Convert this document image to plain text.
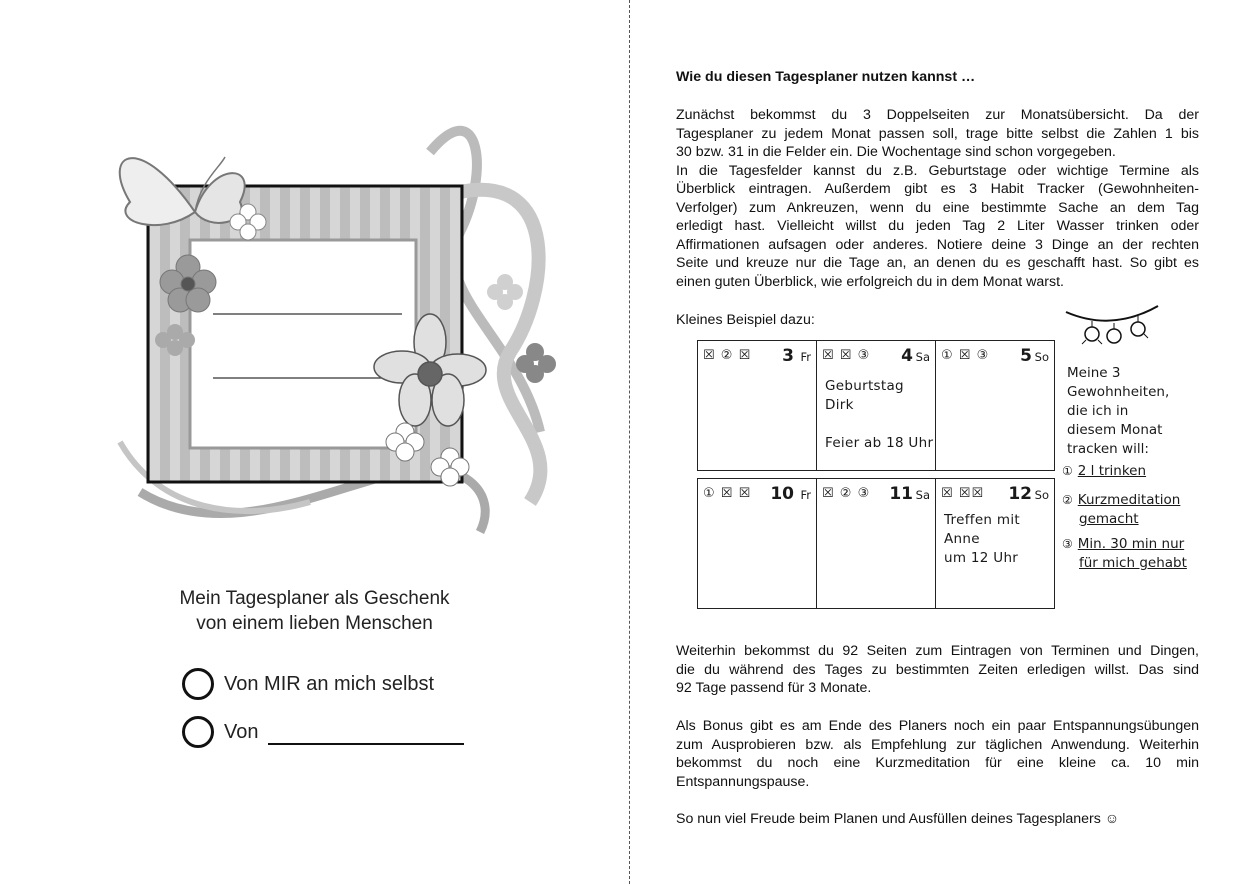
Mein Tagesplaner als Geschenk
von einem lieben Menschen
Von MIR an mich selbst
Von
Wie du diesen Tagesplaner nutzen kannst …
Zunächst bekommst du 3 Doppelseiten zur Monatsübersicht. Da der
Tagesplaner zu jedem Monat passen soll, trage bitte selbst die Zahlen 1 bis
30 bzw. 31 in die Felder ein. Die Wochentage sind schon vorgegeben.
In die Tagesfelder kannst du z.B. Geburtstage oder wichtige Termine als
Überblick eintragen. Außerdem gibt es 3 Habit Tracker (Gewohnheiten-
Verfolger) zum Ankreuzen, wenn du eine bestimmte Sache an dem Tag
erledigt hast. Vielleicht willst du jeden Tag 2 Liter Wasser trinken oder
Affirmationen aufsagen oder anderes. Notiere deine 3 Dinge an der rechten
Seite und kreuze nur die Tage an, an denen du es geschafft hast. So gibt es
einen guten Überblick, wie erfolgreich du in dem Monat warst.
Kleines Beispiel dazu:
Weiterhin bekommst du 92 Seiten zum Eintragen von Terminen und Dingen,
die du während des Tages zu bestimmten Zeiten erledigen willst. Das sind
92 Tage passend für 3 Monate.
Als Bonus gibt es am Ende des Planers noch ein paar Entspannungsübungen
zum Ausprobieren bzw. als Empfehlung zur täglichen Anwendung. Weiterhin
bekommst du noch eine Kurzmeditation für eine kleine ca. 10 min
Entspannungspause.
So nun viel Freude beim Planen und Ausfüllen deines Tagesplaners ☺
☒ ② ☒ 3 Fr ☒ ☒ ③ 4 Sa
Geburtstag
Dirk

Feier ab 18 Uhr
① ☒ ③ 5 So
① ☒ ☒ 10 Fr ☒ ② ③ 11 Sa ☒ ☒☒ 12 So
Treffen mit
Anne
um 12 Uhr
Meine 3
Gewohnheiten,
die ich in
diesem Monat
tracken will:
① 2 l trinken
② Kurzmeditation
gemacht
③ Min. 30 min nur
für mich gehabt
